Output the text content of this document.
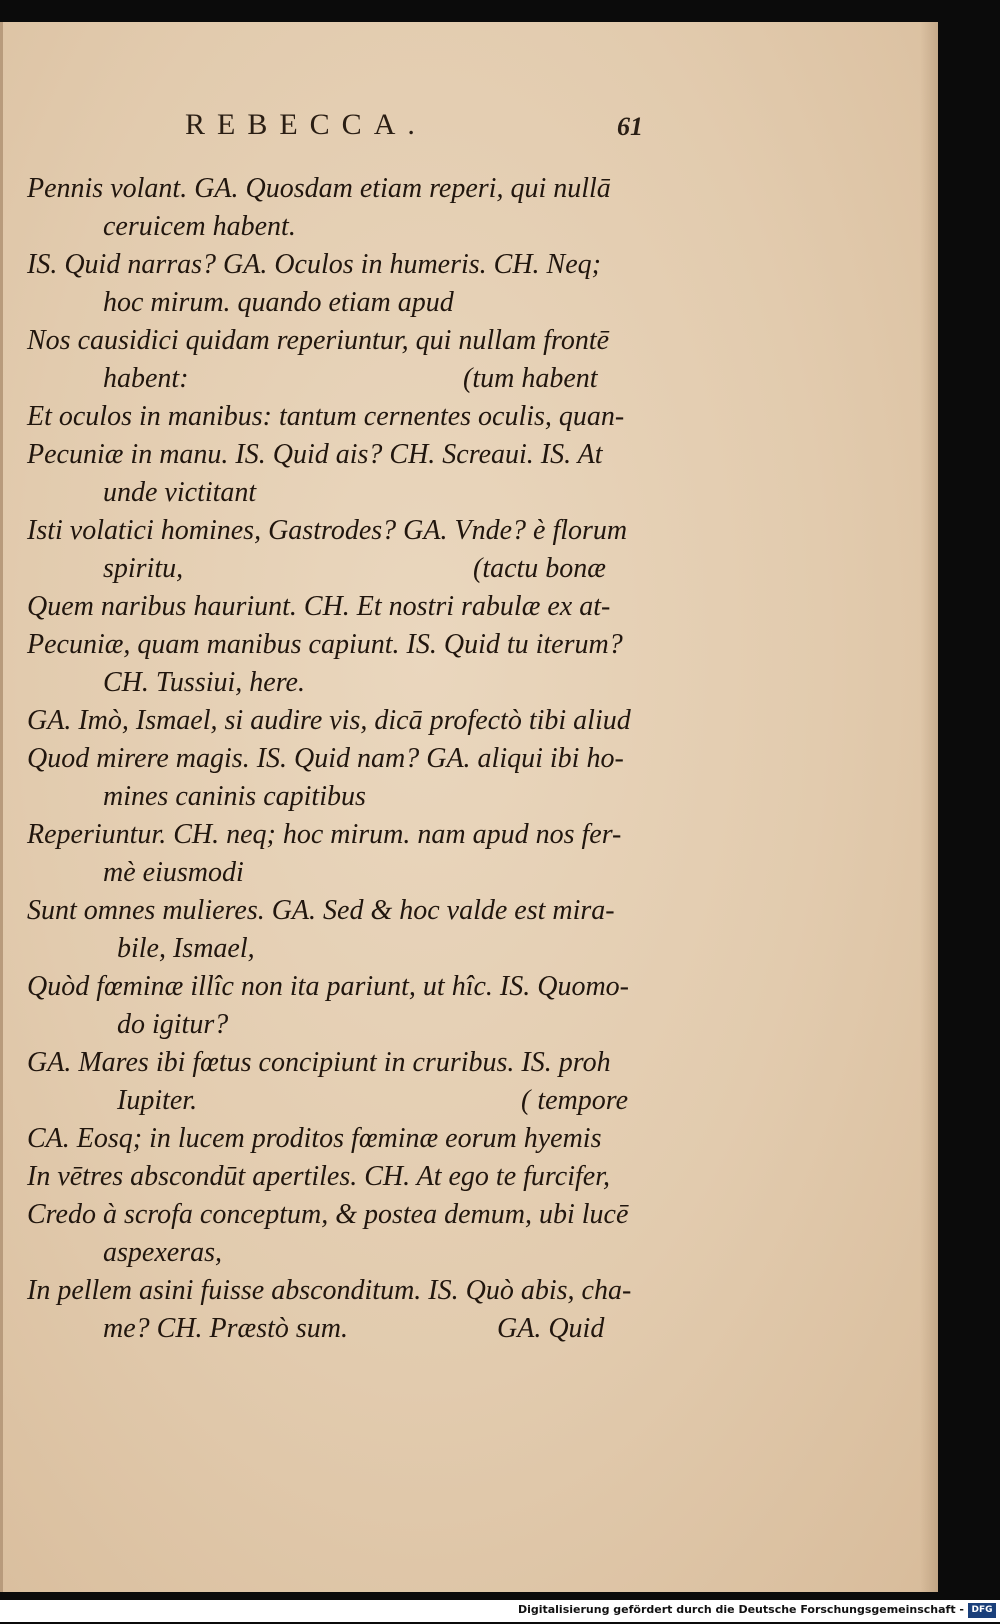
REBECCA.	61
Pennis volant. GA. Quosdam etiam reperi, qui nullā
ceruicem habent.
IS. Quid narras? GA. Oculos in humeris. CH. Neq;
hoc mirum. quando etiam apud
Nos causidici quidam reperiuntur, qui nullam frontē
habent:	(tum habent
Et oculos in manibus: tantum cernentes oculis, quan-
Pecuniæ in manu. IS. Quid ais? CH. Screaui. IS. At
unde victitant
Isti volatici homines, Gastrodes? GA. Vnde? è florum
spiritu,	(tactu bonæ
Quem naribus hauriunt. CH. Et nostri rabulæ ex at-
Pecuniæ, quam manibus capiunt. IS. Quid tu iterum?
CH. Tussiui, here.
GA. Imò, Ismael, si audire vis, dicā profectò tibi aliud
Quod mirere magis. IS. Quid nam? GA. aliqui ibi ho-
mines caninis capitibus
Reperiuntur. CH. neq; hoc mirum. nam apud nos fer-
mè eiusmodi
Sunt omnes mulieres. GA. Sed & hoc valde est mira-
bile, Ismael,
Quòd fœminæ illîc non ita pariunt, ut hîc. IS. Quomo-
do igitur?
GA. Mares ibi fœtus concipiunt in cruribus. IS. proh
Iupiter.	( tempore
CA. Eosq; in lucem proditos fœminæ eorum hyemis
In vētres abscondūt apertiles. CH. At ego te furcifer,
Credo à scrofa conceptum, & postea demum, ubi lucē
aspexeras,
In pellem asini fuisse absconditum. IS. Quò abis, cha-
me? CH. Præstò sum.	GA. Quid
Digitalisierung gefördert durch die Deutsche Forschungsgemeinschaft - DFG
